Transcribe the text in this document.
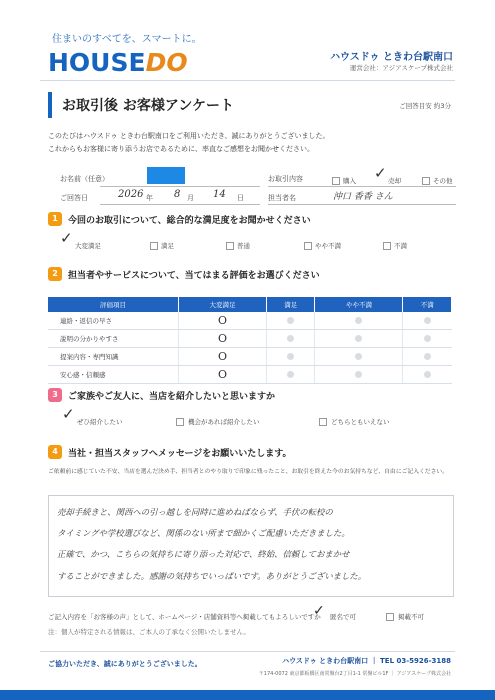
住まいのすべてを、スマートに。
HOUSEDO	ハウスドゥ ときわ台駅南口
運営会社：アジアスケープ株式会社
お取引後 お客様アンケート	ご回答目安 約3分
このたびはハウスドゥ ときわ台駅南口をご利用いただき、誠にありがとうございました。
これからもお客様に寄り添うお店であるために、率直なご感想をお聞かせください。
お名前（任意）
ご回答日	2026 年 8 月 14 日
お取引内容	購入 ✓ 売却	その他
担当者名	沖口 香香 さん
1	今回のお取引について、総合的な満足度をお聞かせください
✓ 大変満足	満足	普通	やや不満	不満
2	担当者やサービスについて、当てはまる評価をお選びください
評価項目	大変満足	満足	やや不満	不満
連絡・返信の早さ	O			
説明の分かりやすさ	O			
提案内容・専門知識	O			
安心感・信頼感	O			
3	ご家族やご友人に、当店を紹介したいと思いますか
✓ ぜひ紹介したい	機会があれば紹介したい	どちらともいえない
4	当社・担当スタッフへメッセージをお願いいたします。
ご依頼前に感じていた不安、当店を選んだ決め手、担当者とのやり取りで印象に残ったこと、お取引を終えた今のお気持ちなど、自由にご記入ください。
売却手続きと、関西への引っ越しを同時に進めねばならず、手伏の転校の
タイミングや学校選びなど、関係のない所まで細かくご配慮いただきました。
正確で、かつ、こちらの気持ちに寄り添った対応で、終始、信頼しておまかせ
することができました。感謝の気持ちでいっぱいです。ありがとうございました。
ご記入内容を「お客様の声」として、ホームページ・店舗資料等へ掲載してもよろしいですか
✓ 匿名で可	掲載不可
注：個人が特定される情報は、ご本人の了承なく公開いたしません。
ご協力いただき、誠にありがとうございました。	ハウスドゥ ときわ台駅南口 ｜ TEL 03-5926-3188
〒174-0072 東京都板橋区南常盤台2丁目1-1 常盤ビル1F ｜ アジアスケープ株式会社
